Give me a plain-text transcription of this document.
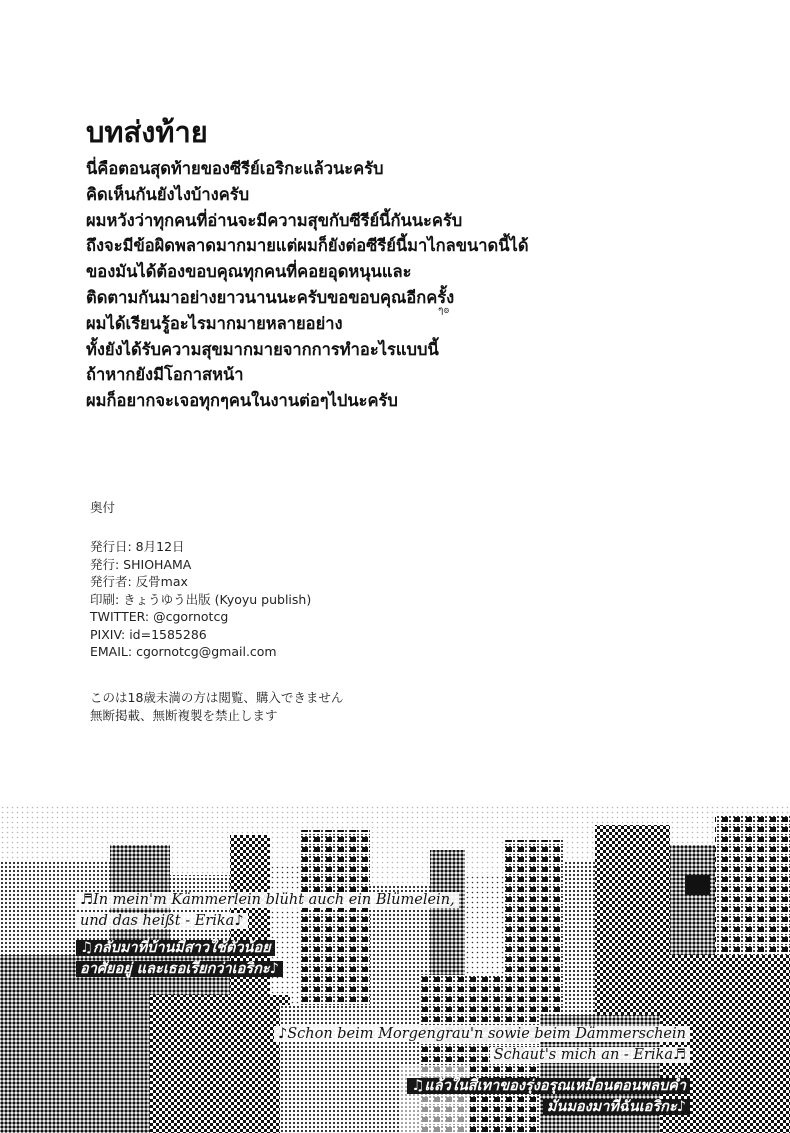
บทส่งท้าย
นี่คือตอนสุดท้ายของซีรีย์เอริกะแล้วนะครับ
คิดเห็นกันยังไงบ้างครับ
ผมหวังว่าทุกคนที่อ่านจะมีความสุขกับซีรีย์นี้กันนะครับ
ถึงจะมีข้อผิดพลาดมากมายแต่ผมก็ยังต่อซีรีย์นี้มาไกลขนาดนี้ได้
ของมันได้ต้องขอบคุณทุกคนที่คอยอุดหนุนและ
ติดตามกันมาอย่างยาวนานนะครับขอขอบคุณอีกครั้ง
ผมได้เรียนรู้อะไรมากมายหลายอย่าง
ทั้งยังได้รับความสุขมากมายจากการทำอะไรแบบนี้
ถ้าหากยังมีโอกาสหน้า
ผมก็อยากจะเจอทุกๆคนในงานต่อๆไปนะครับ
ๆ๏
奥付
発行日: 8月12日
発行: SHIOHAMA
発行者: 反骨max
印刷: きょうゆう出版 (Kyoyu publish)
TWITTER: @cgornotcg
PIXIV: id=1585286
EMAIL: cgornotcg@gmail.com
このは18歳未満の方は閲覧、購入できません
無断掲載、無断複製を禁止します
♬In mein'm Kämmerlein blüht auch ein Blümelein,
und das heißt - Erika♪
♫กลับมาที่บ้านมีสาวใช้ตัวน้อย
อาศัยอยู่ และเธอเรียกว่าเอริกะ♪
♪Schon beim Morgengrau'n sowie beim Dämmerschein
Schaut's mich an - Erika♬
♫แล้วในสีเทาของรุ่งอรุณเหมือนตอนพลบค่ำ
มันมองมาที่ฉันเอริกะ♪
